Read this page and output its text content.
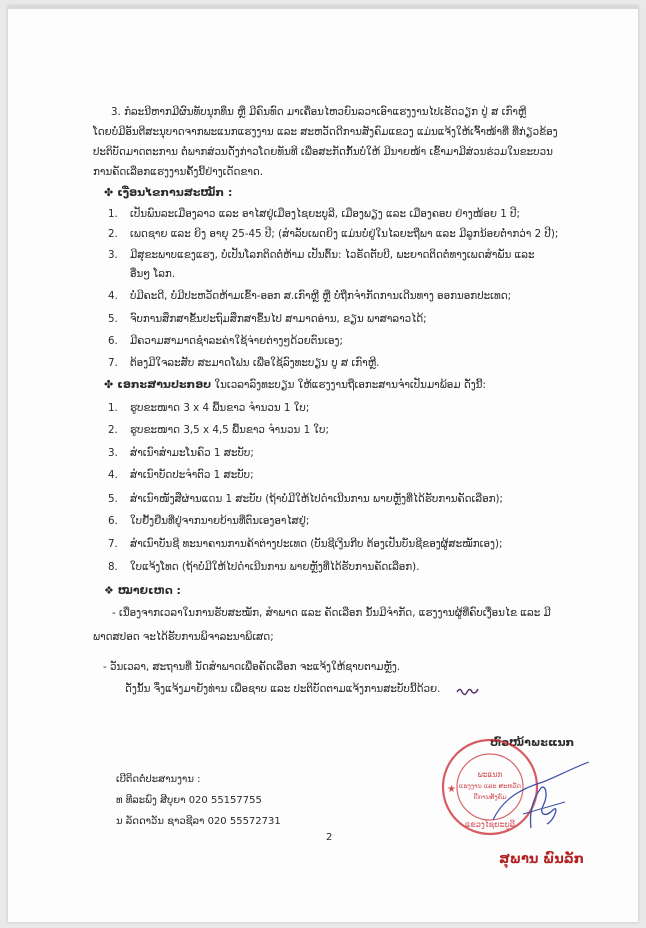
3. ກໍລະນີຫາກມີຜົນທັບນຸກທຶນ ຫຼື ມີຄົນທົດ ມາເຄື່ອນໄຫວຍົນລວາເອົາແຮງງານໄປເຮັດວຽກ ປູ່ ສ ເກົາຫຼີ
ໂດຍບໍ່ມີອັນຕີສະນຸບາດຈາກພະແນກແຮງງານ ແລະ ສະຫວັດດີການສັງຄົມແຂວງ ແມ່ນແຈ້ງໃຫ້ເຈົ້າໜ້າທີ່ ທີ່ກ່ຽວຂ້ອງ
ປະຕິບັດມາດຕະການ ຕໍ່ພາກສ່ວນດັ່ງກ່າວໂດຍທັນທີ ເພື່ອສະກັດກັ້ນບໍ່ໃຫ້ ມີນາຍໜ້າ ເຂົ້າມາມີສ່ວນຮ່ວມໃນຂະບວນ
ການຄັດເລືອກແຮງງານຄັ້ງນີ້ຢ່າງເດັດຂາດ.
✤ ເງື່ອນໄຂການສະໝັກ :
1. ເປັນພົນລະເມືອງລາວ ແລະ ອາໄສຢູ່ເມືອງໄຊຍະບູລີ, ເມືອງພຽງ ແລະ ເມືອງຄອບ ຢ່າງໜ້ອຍ 1 ປີ;
2. ເພດຊາຍ ແລະ ຍິງ ອາຍຸ 25-45 ປີ; (ສໍາລັບເພດຍິງ ແມ່ນບໍ່ຢູ່ໃນໄລຍະຖືພາ ແລະ ມີລູກນ້ອຍຕໍ່າກວ່າ 2 ປີ);
3. ມີສຸຂະພາບແຂງແຮງ, ບໍ່ເປັນໂລກຕິດຕໍ່ຫ້າມ ເປັນຕົ້ນ: ໄວຣັດຕັບບີ, ພະຍາດຕິດຕໍ່ທາງເພດສໍາພັນ ແລະ
ອື່ນໆ ໂລກ.
4. ບໍ່ມີຄະດີ, ບໍ່ມີປະຫວັດຫ້າມເຂົ້າ-ອອກ ສ.ເກົາຫຼີ ຫຼື ບໍ່ຖືກຈໍາກັດການເດີນທາງ ອອກນອກປະເທດ;
5. ຈົບການສຶກສາຂັ້ນປະຖົມສຶກສາຂຶ້ນໄປ ສາມາດອ່ານ, ຂຽນ ພາສາລາວໄດ້;
6. ມີຄວາມສາມາດຊໍາລະຄ່າໃຊ້ຈ່າຍຕ່າງໆດ້ວຍຕົນເອງ;
7. ຕ້ອງມີໃຈລະສັບ ສະມາດໂຟນ ເພື່ອໃຊ້ລົງທະບຽນ ບູ ສ ເກົາຫຼີ.
✤ ເອກະສານປະກອບ ໃນເວລາລົງທະບຽນ ໃຫ້ແຮງງານຖືເອກະສານຈໍາເປັນມາພ້ອມ ດັ່ງນີ້:
1. ຮູບຂະໜາດ 3 x 4 ພື້ນຂາວ ຈໍານວນ 1 ໃບ;
2. ຮູບຂະໜາດ 3,5 x 4,5 ພື້ນຂາວ ຈໍານວນ 1 ໃບ;
3. ສໍາເນົາສໍາມະໂນຄົວ 1 ສະບັບ;
4. ສໍາເນົາບັດປະຈໍາຕົວ 1 ສະບັບ;
5. ສໍາເນົາໜັງສືຜ່ານແດນ 1 ສະບັບ (ຖ້າບໍ່ມີໃຫ້ໄປດໍາເນີນການ ພາຍຫຼັງທີ່ໄດ້ຮັບການຄັດເລືອກ);
6. ໃບຢັ້ງຢືນທີ່ຢູ່ຈາກນາຍບ້ານທີ່ຕົນເອງອາໄສຢູ່;
7. ສໍາເນົາບັນຊີ ທະນາຄານການຄ້າຕ່າງປະເທດ (ບັນຊີເງິນກີບ ຕ້ອງເປັນບັນຊີຂອງຜູ້ສະໝັກເອງ);
8. ໃບແຈ້ງໂທດ (ຖ້າບໍ່ມີໃຫ້ໄປດໍາເນີນການ ພາຍຫຼັງທີ່ໄດ້ຮັບການຄັດເລືອກ).
❖ ໝາຍເຫດ :
- ເນື່ອງຈາກເວລາໃນການຮັບສະໝັກ, ສໍາພາດ ແລະ ຄັດເລືອກ ນັ້ນມີຈໍາກັດ, ແຮງງານຜູ້ທີ່ຄົບເງື່ອນໄຂ ແລະ ມີ
ພາດສປອດ ຈະໄດ້ຮັບການພິຈາລະນາພິເສດ;
- ວັນເວລາ, ສະຖານທີ່ ນັດສໍາພາດເພື່ອຄັດເລືອກ ຈະແຈ້ງໃຫ້ຊາບຕາມຫຼັງ.
ດັ່ງນັ້ນ ຈຶ່ງແຈ້ງມາຍັງທ່ານ ເພື່ອຊາບ ແລະ ປະຕິບັດຕາມແຈ້ງການສະບັບນີ້ດ້ວຍ.
ຫົວໜ້າພະແນກ
★
ພະແນກ
ແຮງງານ ແລະ ສະຫວັດ
ດີການສັງຄົມ
ແຂວງໄຊຍະບູລີ
ສຸພານ ພົນລັກ
ເບີຕິດຕໍ່ປະສານງານ :
ທ ທີລະພົງ ສີບຸຍາ 020 55157755
ນ ລັດດາວັນ ຊາວຊີລາ 020 55572731
2
